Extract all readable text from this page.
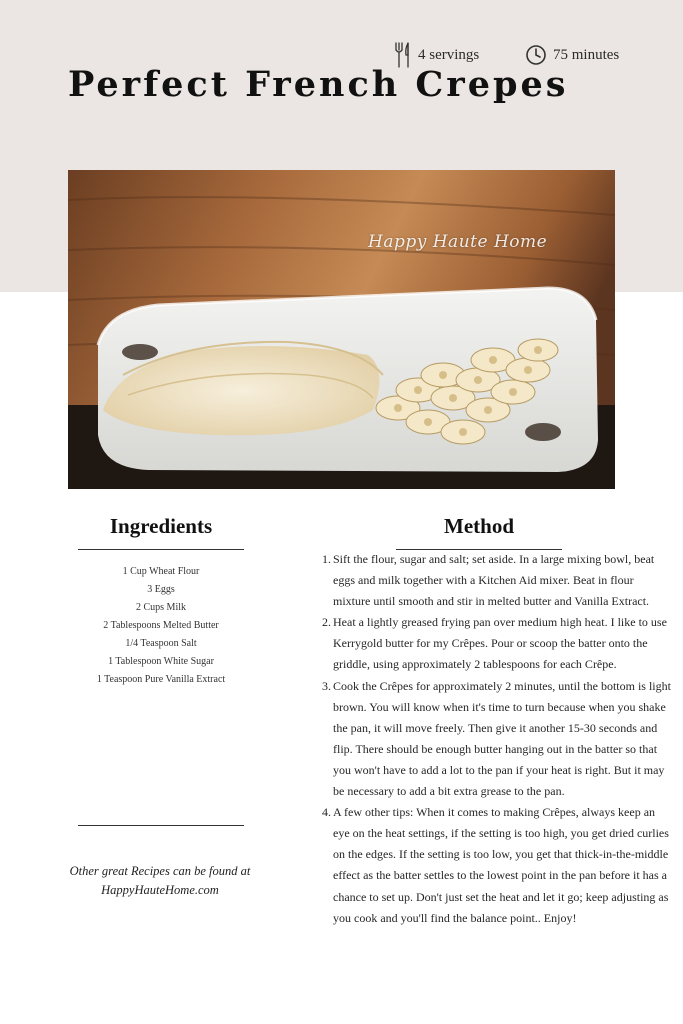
4 servings	75 minutes
Perfect French Crepes
Happy Haute Home
Ingredients
1 Cup Wheat Flour
3 Eggs
2 Cups Milk
2 Tablespoons Melted Butter
1/4 Teaspoon Salt
1 Tablespoon White Sugar
1 Teaspoon Pure Vanilla Extract
Other great Recipes can be found at
HappyHauteHome.com
Method
1. Sift the flour, sugar and salt; set aside. In a large mixing bowl, beat eggs and milk together with a Kitchen Aid mixer. Beat in flour mixture until smooth and stir in melted butter and Vanilla Extract.
2. Heat a lightly greased frying pan over medium high heat. I like to use Kerrygold butter for my Crêpes. Pour or scoop the batter onto the griddle, using approximately 2 tablespoons for each Crêpe.
3. Cook the Crêpes for approximately 2 minutes, until the bottom is light brown. You will know when it's time to turn because when you shake the pan, it will move freely. Then give it another 15-30 seconds and flip. There should be enough butter hanging out in the batter so that you won't have to add a lot to the pan if your heat is right. But it may be necessary to add a bit extra grease to the pan.
4. A few other tips: When it comes to making Crêpes, always keep an eye on the heat settings, if the setting is too high, you get dried curlies on the edges. If the setting is too low, you get that thick-in-the-middle effect as the batter settles to the lowest point in the pan before it has a chance to set up. Don't just set the heat and let it go; keep adjusting as you cook and you'll find the balance point.. Enjoy!
